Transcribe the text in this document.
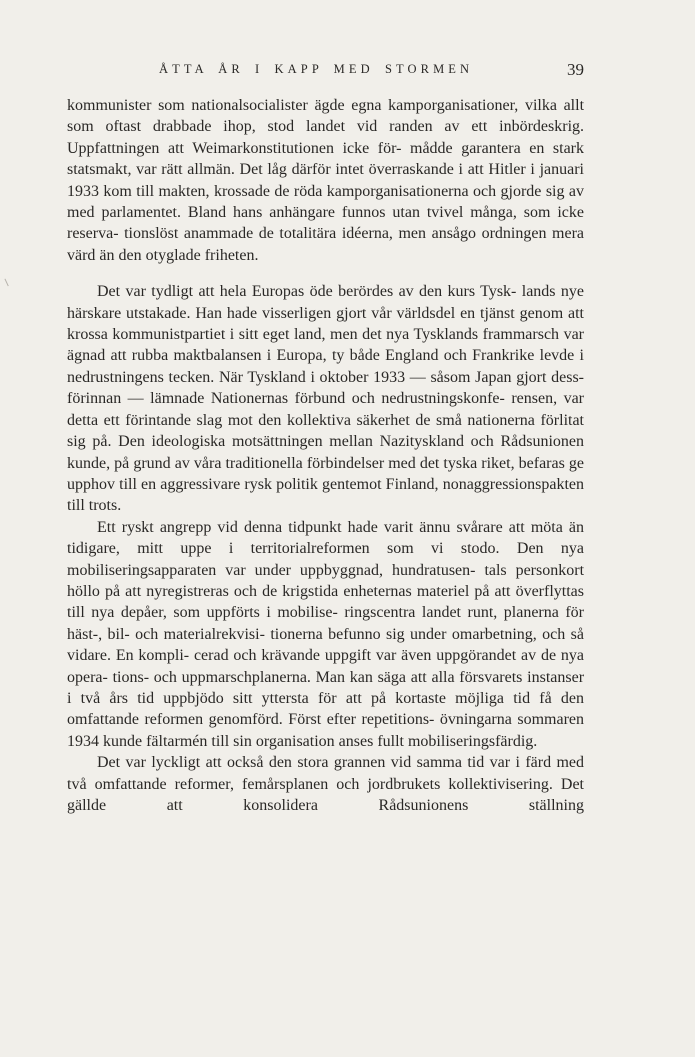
ÅTTA ÅR I KAPP MED STORMEN	39

kommunister som nationalsocialister ägde egna kamporganisationer, vilka allt som oftast drabbade ihop, stod landet vid randen av ett inbördeskrig. Uppfattningen att Weimarkonstitutionen icke för- mådde garantera en stark statsmakt, var rätt allmän. Det låg därför intet överraskande i att Hitler i januari 1933 kom till makten, krossade de röda kamporganisationerna och gjorde sig av med parlamentet. Bland hans anhängare funnos utan tvivel många, som icke reserva- tionslöst anammade de totalitära idéerna, men ansågo ordningen mera värd än den otyglade friheten.

Det var tydligt att hela Europas öde berördes av den kurs Tysk- lands nye härskare utstakade. Han hade visserligen gjort vår världsdel en tjänst genom att krossa kommunistpartiet i sitt eget land, men det nya Tysklands frammarsch var ägnad att rubba maktbalansen i Europa, ty både England och Frankrike levde i nedrustningens tecken. När Tyskland i oktober 1933 — såsom Japan gjort dess- förinnan — lämnade Nationernas förbund och nedrustningskonfe- rensen, var detta ett förintande slag mot den kollektiva säkerhet de små nationerna förlitat sig på. Den ideologiska motsättningen mellan Nazityskland och Rådsunionen kunde, på grund av våra traditionella förbindelser med det tyska riket, befaras ge upphov till en aggressivare rysk politik gentemot Finland, nonaggressionspakten till trots.

Ett ryskt angrepp vid denna tidpunkt hade varit ännu svårare att möta än tidigare, mitt uppe i territorialreformen som vi stodo. Den nya mobiliseringsapparaten var under uppbyggnad, hundratusen- tals personkort höllo på att nyregistreras och de krigstida enheternas materiel på att överflyttas till nya depåer, som uppförts i mobilise- ringscentra landet runt, planerna för häst-, bil- och materialrekvisi- tionerna befunno sig under omarbetning, och så vidare. En kompli- cerad och krävande uppgift var även uppgörandet av de nya opera- tions- och uppmarschplanerna. Man kan säga att alla försvarets instanser i två års tid uppbjödo sitt yttersta för att på kortaste möjliga tid få den omfattande reformen genomförd. Först efter repetitions- övningarna sommaren 1934 kunde fältarmén till sin organisation anses fullt mobiliseringsfärdig.

Det var lyckligt att också den stora grannen vid samma tid var i färd med två omfattande reformer, femårsplanen och jordbrukets kollektivisering. Det gällde att konsolidera Rådsunionens ställning
